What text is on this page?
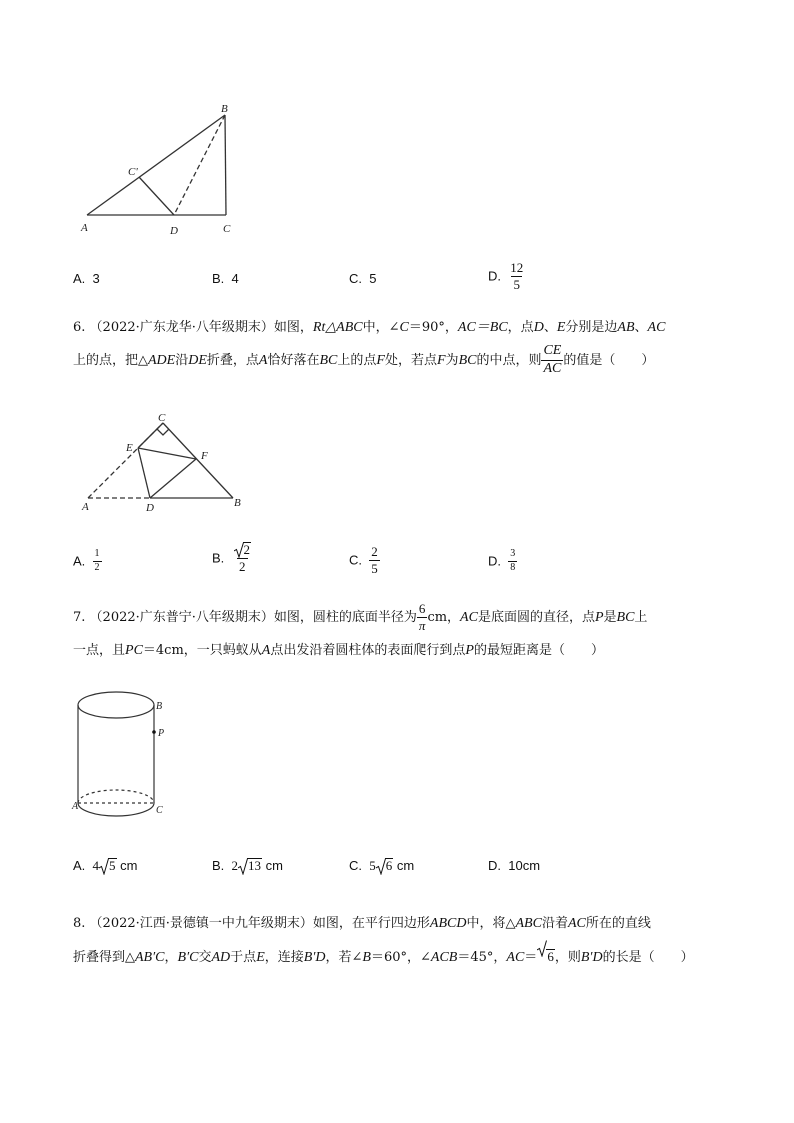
B
C'
A	D	C
A. 3	B. 4	C. 5	D. $\frac{12}{5}$
6. （2022·广东龙华·八年级期末）如图，Rt△ABC中，∠C＝90°，AC＝BC，点D、E分别是边AB、AC
上的点，把△ADE沿DE折叠，点A恰好落在BC上的点F处，若点F为BC的中点，则 $\frac{CE}{AC}$ 的值是（　　）
C
E
F
A	D	B
A. $\frac{1}{2}$	B. $\frac{2}{2}$	C. $\frac{2}{5}$	D. $\frac{3}{8}$
7. （2022·广东普宁·八年级期末）如图，圆柱的底面半径为 $\frac{6}{\pi}$ cm，AC是底面圆的直径，点P是BC上
一点，且PC＝4cm，一只蚂蚁从A点出发沿着圆柱体的表面爬行到点P的最短距离是（　　）
B
P
A	C
A. 4 5 cm	B. 2 13 cm	C. 5 6 cm	D. 10cm
8. （2022·江西·景德镇一中九年级期末）如图，在平行四边形ABCD中，将△ABC沿着AC所在的直线
折叠得到△AB′C，B′C交AD于点E，连接B′D，若∠B＝60°，∠ACB＝45°，AC＝ 6，则B′D的长是（　　）
